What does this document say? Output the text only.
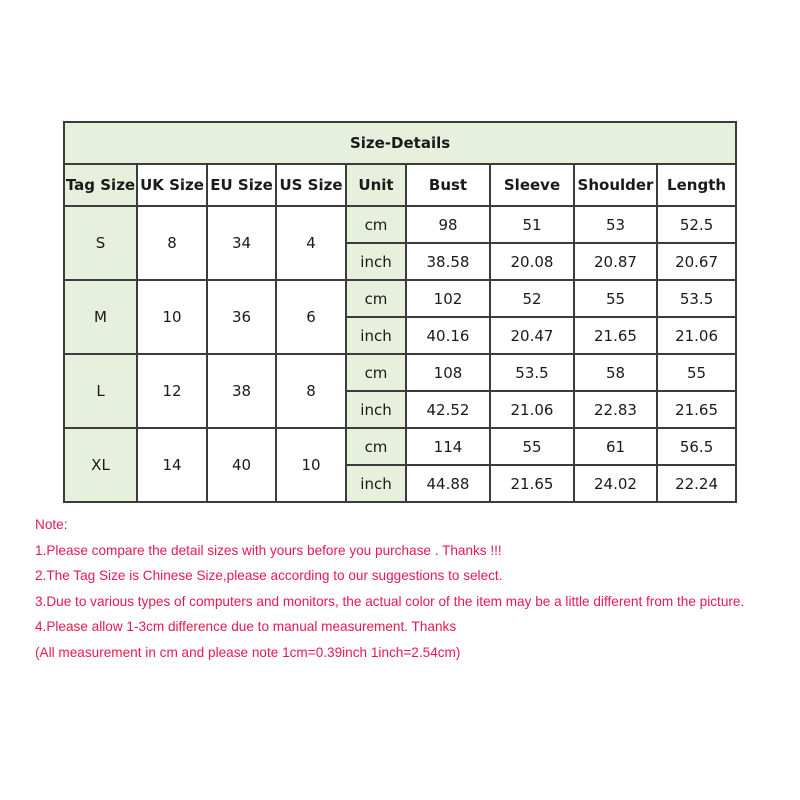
Size-Details								
Tag Size	UK Size	EU Size	US Size	Unit	Bust	Sleeve	Shoulder	Length
S	8	34	4	cm	98	51	53	52.5
				inch	38.58	20.08	20.87	20.67
M	10	36	6	cm	102	52	55	53.5
				inch	40.16	20.47	21.65	21.06
L	12	38	8	cm	108	53.5	58	55
				inch	42.52	21.06	22.83	21.65
XL	14	40	10	cm	114	55	61	56.5
				inch	44.88	21.65	24.02	22.24
Note:
1.Please compare the detail sizes with yours before you purchase . Thanks !!!
2.The Tag Size is Chinese Size,please according to our suggestions to select.
3.Due to various types of computers and monitors, the actual color of the item may be a little different from the picture.
4.Please allow 1-3cm difference due to manual measurement. Thanks
(All measurement in cm and please note 1cm=0.39inch 1inch=2.54cm)
